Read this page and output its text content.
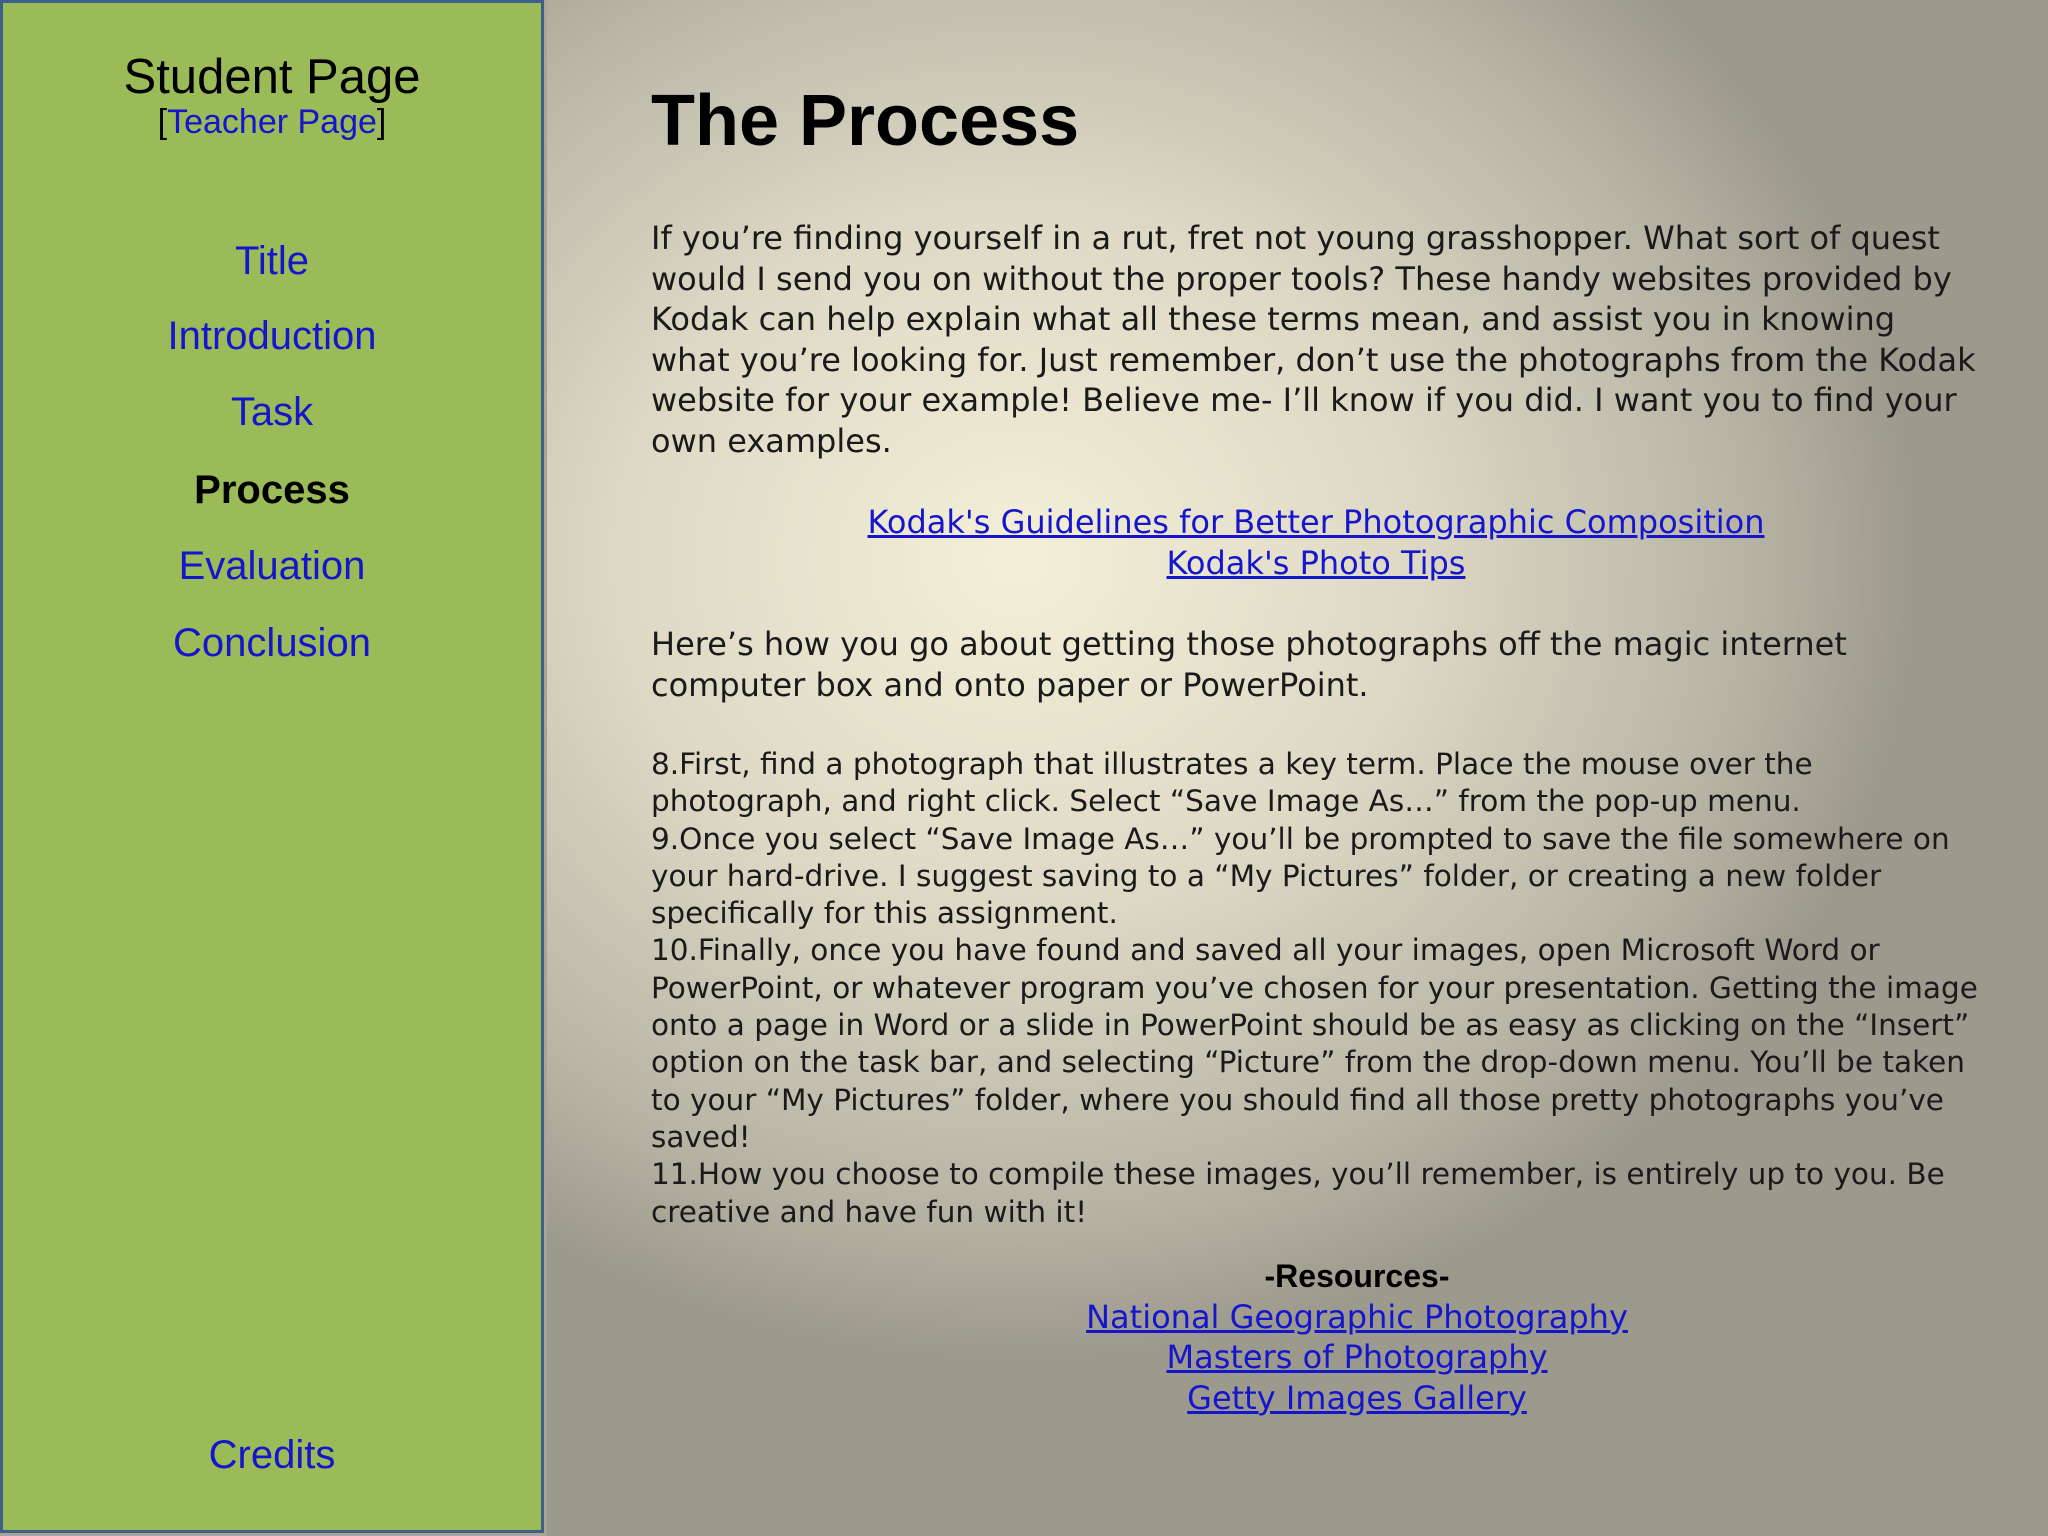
Student Page
[Teacher Page]
Title
Introduction
Task
Process
Evaluation
Conclusion
Credits
The Process
If you’re finding yourself in a rut, fret not young grasshopper. What sort of quest would I send you on without the proper tools? These handy websites provided by Kodak can help explain what all these terms mean, and assist you in knowing what you’re looking for. Just remember, don’t use the photographs from the Kodak website for your example! Believe me- I’ll know if you did. I want you to find your own examples.
Kodak's Guidelines for Better Photographic Composition
Kodak's Photo Tips
Here’s how you go about getting those photographs off the magic internet computer box and onto paper or PowerPoint.
8.First, find a photograph that illustrates a key term. Place the mouse over the photograph, and right click. Select “Save Image As…” from the pop-up menu.
9.Once you select “Save Image As…” you’ll be prompted to save the file somewhere on your hard-drive. I suggest saving to a “My Pictures” folder, or creating a new folder specifically for this assignment.
10.Finally, once you have found and saved all your images, open Microsoft Word or PowerPoint, or whatever program you’ve chosen for your presentation. Getting the image onto a page in Word or a slide in PowerPoint should be as easy as clicking on the “Insert” option on the task bar, and selecting “Picture” from the drop-down menu. You’ll be taken to your “My Pictures” folder, where you should find all those pretty photographs you’ve saved!
11.How you choose to compile these images, you’ll remember, is entirely up to you. Be creative and have fun with it!
-Resources-
National Geographic Photography
Masters of Photography
Getty Images Gallery
